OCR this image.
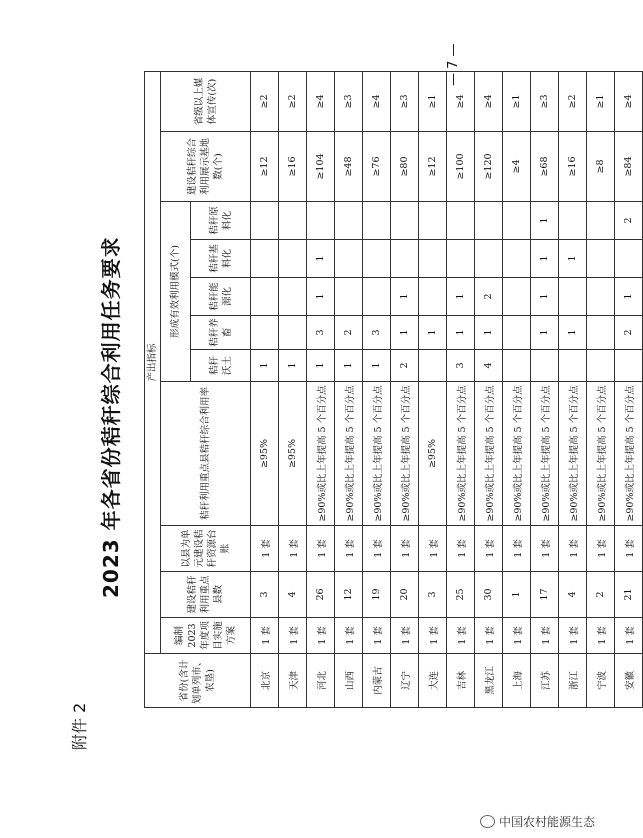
附件 2
2023 年各省份秸秆综合利用任务要求
省份(含计划单列市、农垦)	产出指标										
	编制 2023 年度项目实施方案	建设秸秆利用重点县数	以县为单元建设秸秆资源台账	秸秆利用重点县秸秆综合利用率	形成有效利用模式(个)					建设秸秆综合利用展示基地数(个)	省级以上媒体宣传(次)
					秸秆沃土	秸秆养畜	秸秆能源化	秸秆基料化	秸秆原料化		
北京	1 套	3	1 套	≥95%	1					≥12	≥2
天津	1 套	4	1 套	≥95%	1					≥16	≥2
河北	1 套	26	1 套	≥90%或比上年提高 5 个百分点	1	3	1	1		≥104	≥4
山西	1 套	12	1 套	≥90%或比上年提高 5 个百分点	1	2				≥48	≥3
内蒙古	1 套	19	1 套	≥90%或比上年提高 5 个百分点	1	3				≥76	≥4
辽宁	1 套	20	1 套	≥90%或比上年提高 5 个百分点	2	1	1			≥80	≥3
大连	1 套	3	1 套	≥95%		1				≥12	≥1
吉林	1 套	25	1 套	≥90%或比上年提高 5 个百分点	3	1	1			≥100	≥4
黑龙江	1 套	30	1 套	≥90%或比上年提高 5 个百分点	4	1	2			≥120	≥4
上海	1 套	1	1 套	≥90%或比上年提高 5 个百分点						≥4	≥1
江苏	1 套	17	1 套	≥90%或比上年提高 5 个百分点		1	1	1	1	≥68	≥3
浙江	1 套	4	1 套	≥90%或比上年提高 5 个百分点		1		1		≥16	≥2
宁波	1 套	2	1 套	≥90%或比上年提高 5 个百分点						≥8	≥1
安徽	1 套	21	1 套	≥90%或比上年提高 5 个百分点		2	1		2	≥84	≥4
— 7 —
中国农村能源生态
